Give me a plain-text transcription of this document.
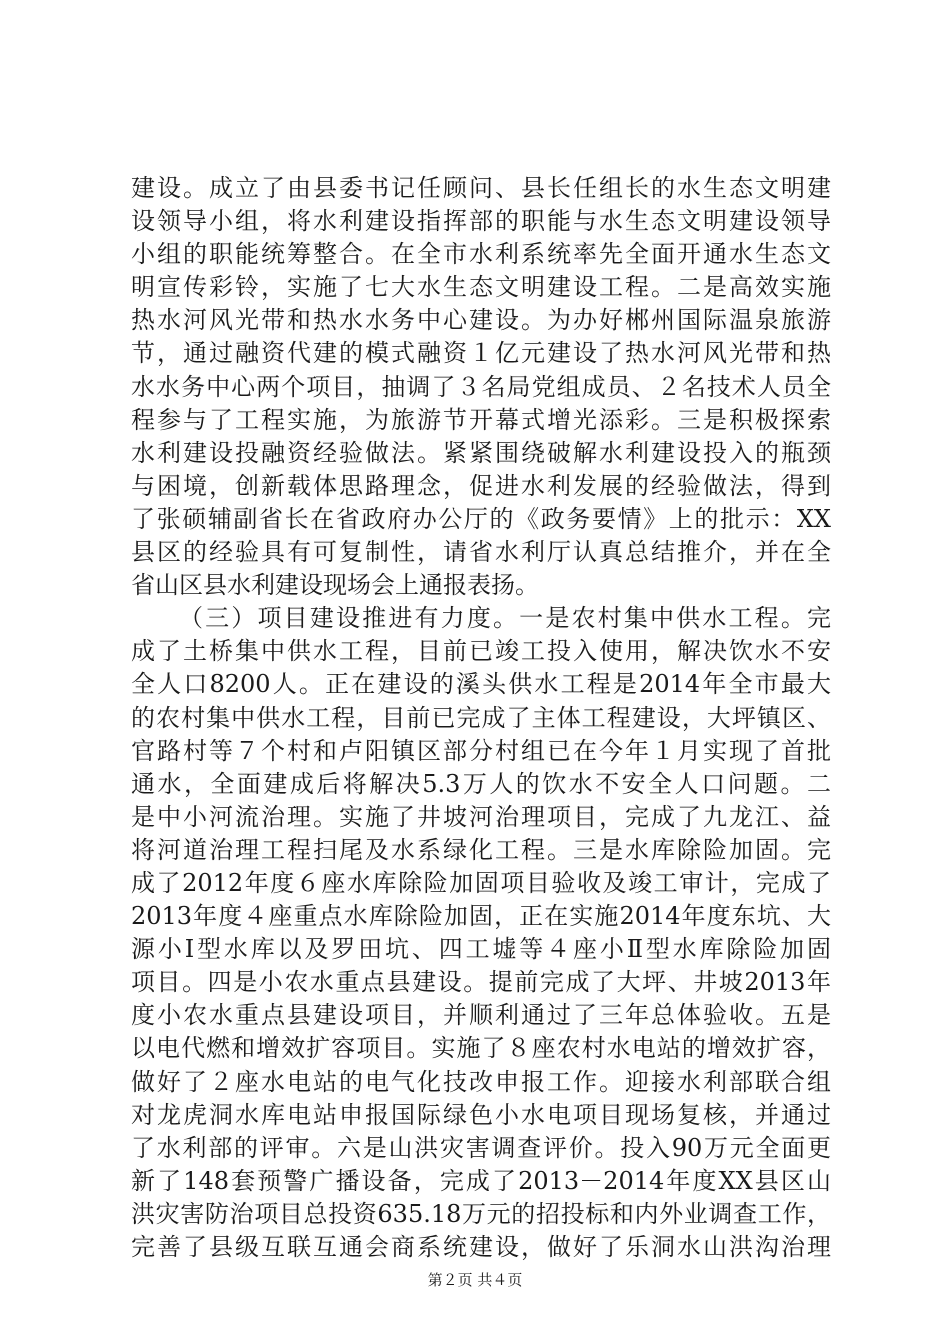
建设。成立了由县委书记任顾问、县长任组长的水生态文明建
设领导小组，将水利建设指挥部的职能与水生态文明建设领导
小组的职能统筹整合。在全市水利系统率先全面开通水生态文
明宣传彩铃，实施了七大水生态文明建设工程。二是高效实施
热水河风光带和热水水务中心建设。为办好郴州国际温泉旅游
节，通过融资代建的模式融资１亿元建设了热水河风光带和热
水水务中心两个项目，抽调了３名局党组成员、２名技术人员全
程参与了工程实施，为旅游节开幕式增光添彩。三是积极探索
水利建设投融资经验做法。紧紧围绕破解水利建设投入的瓶颈
与困境，创新载体思路理念，促进水利发展的经验做法，得到
了张硕辅副省长在省政府办公厅的《政务要情》上的批示：XX
县区的经验具有可复制性，请省水利厅认真总结推介，并在全
省山区县水利建设现场会上通报表扬。
（三）项目建设推进有力度。一是农村集中供水工程。完
成了土桥集中供水工程，目前已竣工投入使用，解决饮水不安
全人口8200人。正在建设的溪头供水工程是2014年全市最大
的农村集中供水工程，目前已完成了主体工程建设，大坪镇区、
官路村等７个村和卢阳镇区部分村组已在今年１月实现了首批
通水，全面建成后将解决5.3万人的饮水不安全人口问题。二
是中小河流治理。实施了井坡河治理项目，完成了九龙江、益
将河道治理工程扫尾及水系绿化工程。三是水库除险加固。完
成了2012年度６座水库除险加固项目验收及竣工审计，完成了
2013年度４座重点水库除险加固，正在实施2014年度东坑、大
源小Ⅰ型水库以及罗田坑、四工墟等４座小Ⅱ型水库除险加固
项目。四是小农水重点县建设。提前完成了大坪、井坡2013年
度小农水重点县建设项目，并顺利通过了三年总体验收。五是
以电代燃和增效扩容项目。实施了８座农村水电站的增效扩容，
做好了２座水电站的电气化技改申报工作。迎接水利部联合组
对龙虎洞水库电站申报国际绿色小水电项目现场复核，并通过
了水利部的评审。六是山洪灾害调查评价。投入90万元全面更
新了148套预警广播设备，完成了2013－2014年度XX县区山
洪灾害防治项目总投资635.18万元的招投标和内外业调查工作，
完善了县级互联互通会商系统建设，做好了乐洞水山洪沟治理
第２页 共４页
